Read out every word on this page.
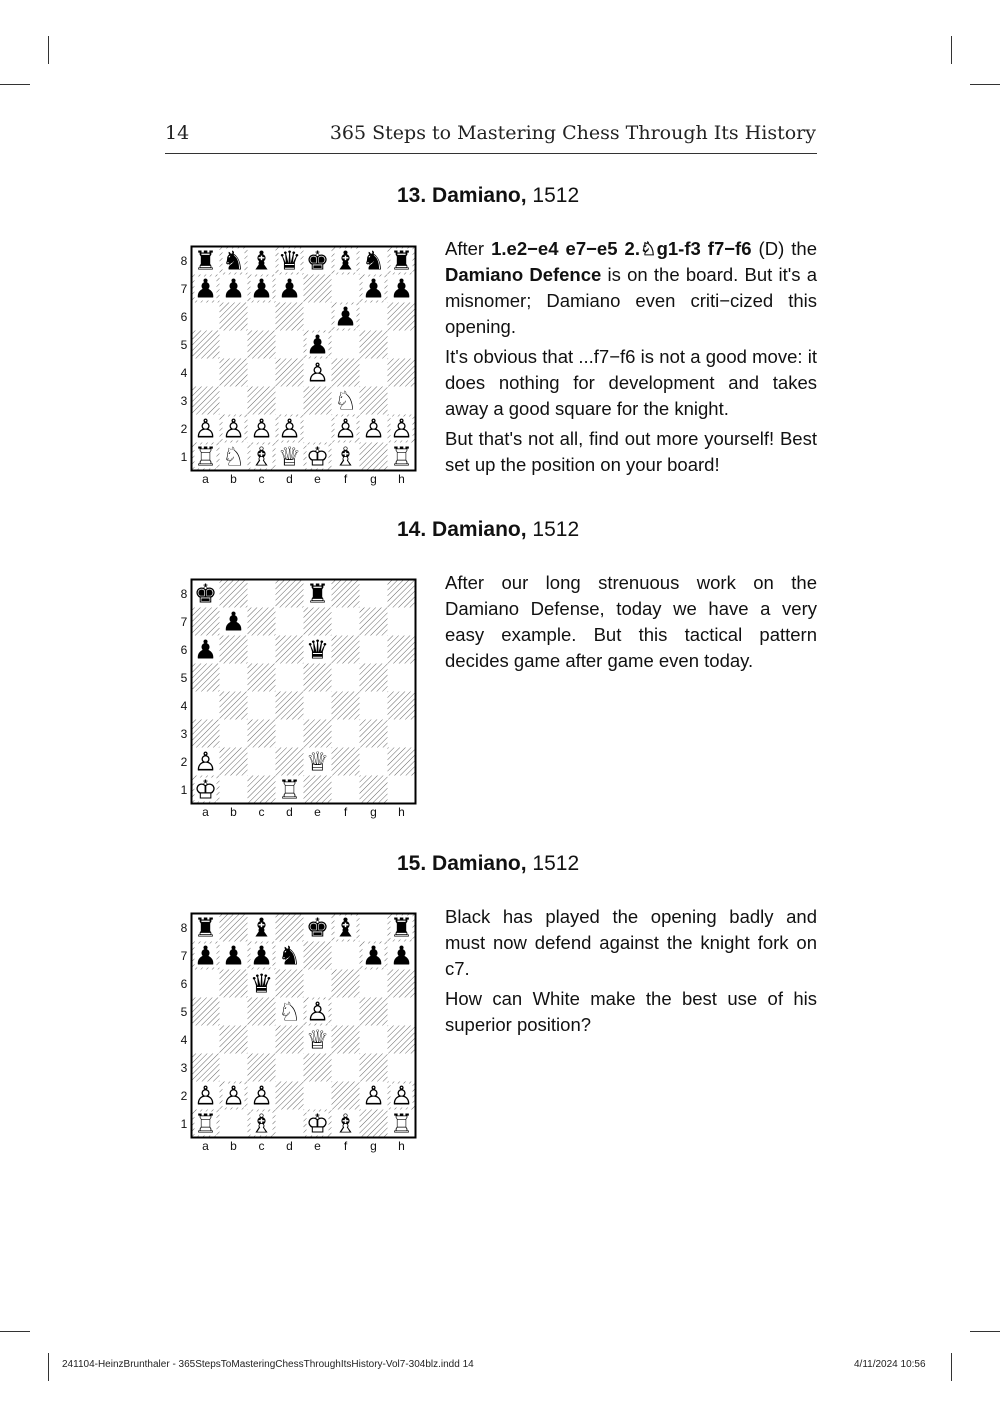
14	365 Steps to Mastering Chess Through Its History
13. Damiano, 1512
♜ ♞ ♝ ♛ ♚ ♝ ♞ ♜
♟ ♟ ♟ ♟ ♟ ♟
♟
♟
♙
♘
♙ ♙ ♙ ♙ ♙ ♙ ♙
♖ ♘ ♗ ♕ ♔ ♗ ♖

After 1.e2−e4 e7−e5 2.♘g1-f3 f7−f6 (D) the Damiano Defence is on the board. But it's a misnomer; Damiano even criti−cized this opening.

It's obvious that ...f7−f6 is not a good move: it does nothing for development and takes away a good square for the knight.

But that's not all, find out more yourself! Best set up the position on your board!

14. Damiano, 1512
♚	♜
♟
♟	♛
♙	♕
♔ ♖

After our long strenuous work on the Damiano Defense, today we have a very easy example. But this tactical pattern decides game after game even today.

15. Damiano, 1512
♜ ♝ ♚ ♝ ♜
♟ ♟ ♟ ♞ ♟ ♟
♛
♘ ♙
♕
♙ ♙ ♙	♙ ♙
♖ ♗ ♔ ♗ ♖

Black has played the opening badly and must now defend against the knight fork on c7.

How can White make the best use of his superior position?

241104-HeinzBrunthaler - 365StepsToMasteringChessThroughItsHistory-Vol7-304blz.indd 14	4/11/2024 10:56
8
7
6
5
4
3
2
1
a	b	c	d	e	f	g	h
8
7
6
5
4
3
2
1
a	b	c	d	e	f	g	h
8
7
6
5
4
3
2
1
a	b	c	d	e	f	g	h
